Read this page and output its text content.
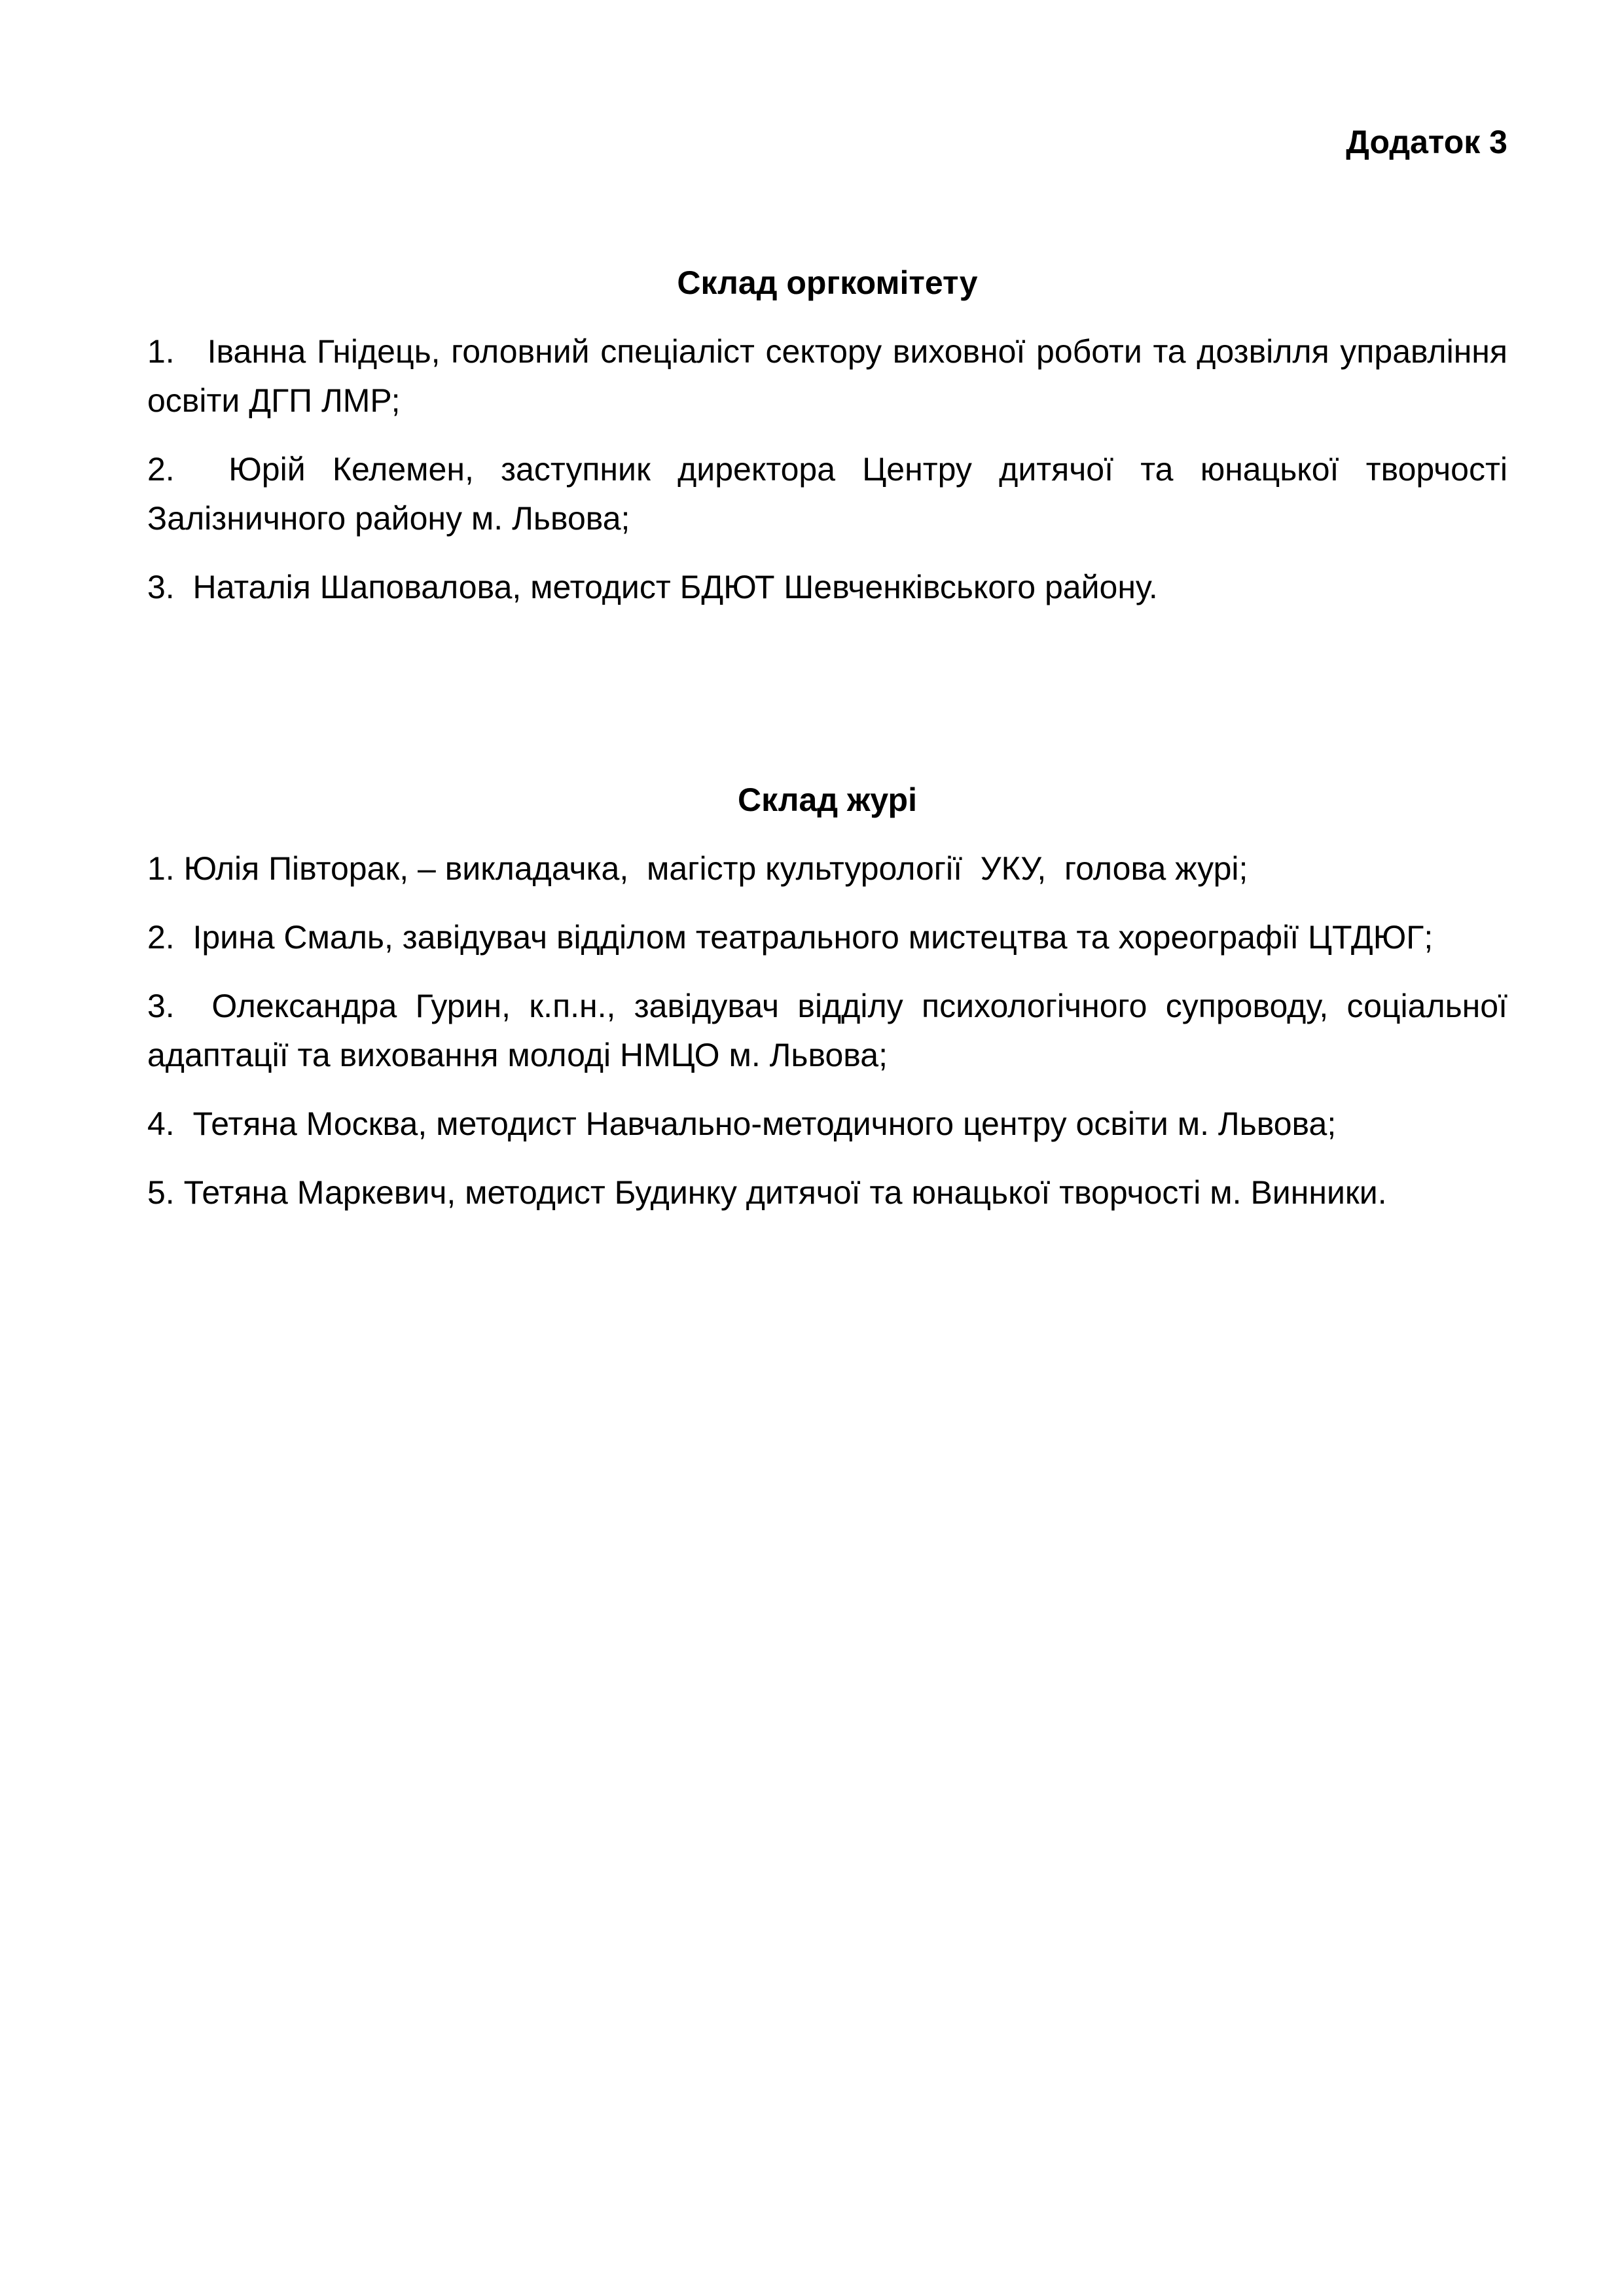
Додаток 3

Склад оргкомітету
1.   Іванна Гнідець, головний спеціаліст сектору виховної роботи та дозвілля управління
освіти ДГП ЛМР;
2.  Юрій Келемен, заступник директора Центру дитячої та юнацької творчості
Залізничного району м. Львова;
3.  Наталія Шаповалова, методист БДЮТ Шевченківського району.
Склад журі
1. Юлія Півторак, – викладачка,  магістр культурології  УКУ,  голова журі;
2.  Ірина Смаль, завідувач відділом театрального мистецтва та хореографії ЦТДЮГ;
3.  Олександра Гурин, к.п.н., завідувач відділу психологічного супроводу, соціальної
адаптації та виховання молоді НМЦО м. Львова;
4.  Тетяна Москва, методист Навчально-методичного центру освіти м. Львова;
5. Тетяна Маркевич, методист Будинку дитячої та юнацької творчості м. Винники.
